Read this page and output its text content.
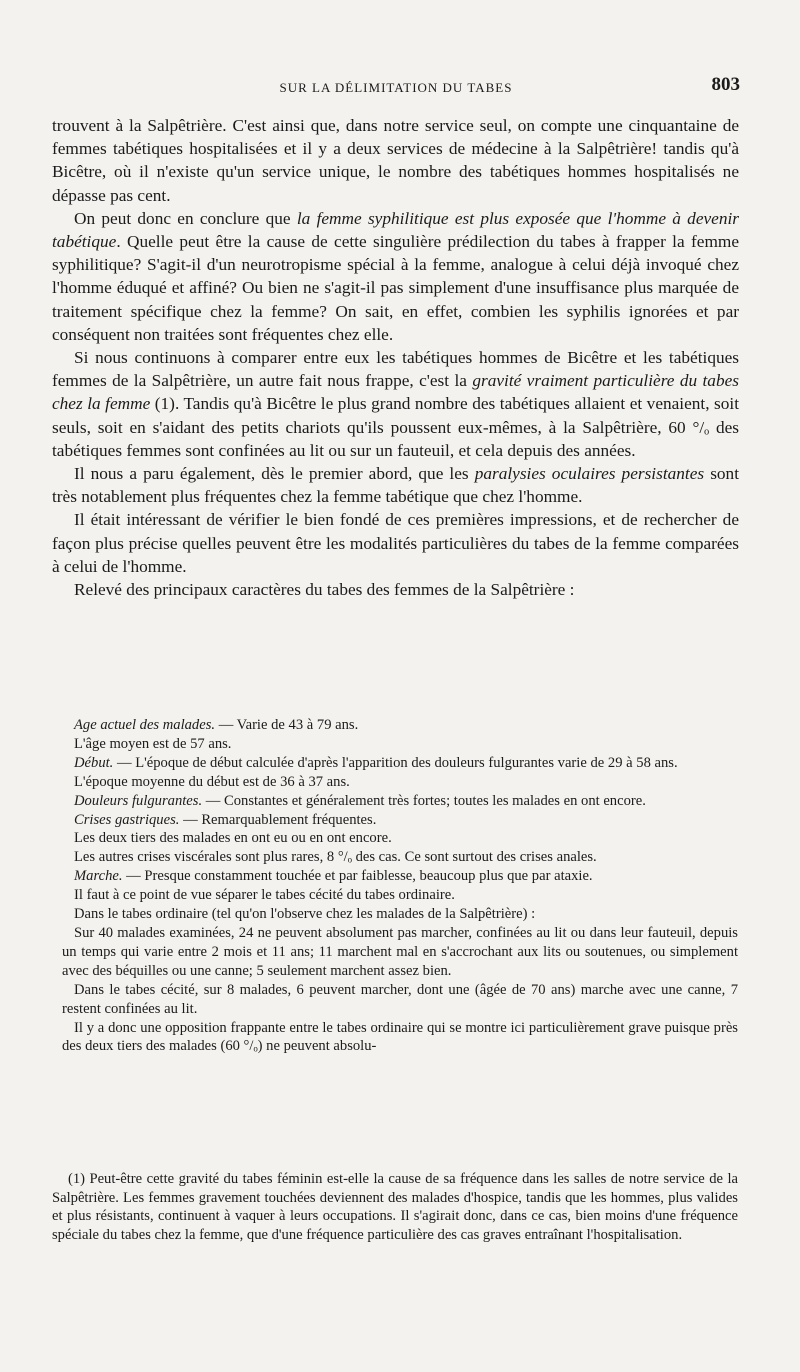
SUR LA DÉLIMITATION DU TABES	803

trouvent à la Salpêtrière. C'est ainsi que, dans notre service seul, on compte une cinquantaine de femmes tabétiques hospitalisées et il y a deux services de médecine à la Salpêtrière! tandis qu'à Bicêtre, où il n'existe qu'un service unique, le nombre des tabétiques hommes hospitalisés ne dépasse pas cent.

On peut donc en conclure que la femme syphilitique est plus exposée que l'homme à devenir tabétique. Quelle peut être la cause de cette singulière prédilection du tabes à frapper la femme syphilitique? S'agit-il d'un neurotropisme spécial à la femme, analogue à celui déjà invoqué chez l'homme éduqué et affiné? Ou bien ne s'agit-il pas simplement d'une insuffisance plus marquée de traitement spécifique chez la femme? On sait, en effet, combien les syphilis ignorées et par conséquent non traitées sont fréquentes chez elle.

Si nous continuons à comparer entre eux les tabétiques hommes de Bicêtre et les tabétiques femmes de la Salpêtrière, un autre fait nous frappe, c'est la gravité vraiment particulière du tabes chez la femme (1). Tandis qu'à Bicêtre le plus grand nombre des tabétiques allaient et venaient, soit seuls, soit en s'aidant des petits chariots qu'ils poussent eux-mêmes, à la Salpêtrière, 60 °/ₒ des tabétiques femmes sont confinées au lit ou sur un fauteuil, et cela depuis des années.

Il nous a paru également, dès le premier abord, que les paralysies oculaires persistantes sont très notablement plus fréquentes chez la femme tabétique que chez l'homme.

Il était intéressant de vérifier le bien fondé de ces premières impressions, et de rechercher de façon plus précise quelles peuvent être les modalités particulières du tabes de la femme comparées à celui de l'homme.

Relevé des principaux caractères du tabes des femmes de la Salpêtrière :

Age actuel des malades. — Varie de 43 à 79 ans.

L'âge moyen est de 57 ans.

Début. — L'époque de début calculée d'après l'apparition des douleurs fulgurantes varie de 29 à 58 ans.

L'époque moyenne du début est de 36 à 37 ans.

Douleurs fulgurantes. — Constantes et généralement très fortes; toutes les malades en ont encore.

Crises gastriques. — Remarquablement fréquentes.

Les deux tiers des malades en ont eu ou en ont encore.

Les autres crises viscérales sont plus rares, 8 °/ₒ des cas. Ce sont surtout des crises anales.

Marche. — Presque constamment touchée et par faiblesse, beaucoup plus que par ataxie.

Il faut à ce point de vue séparer le tabes cécité du tabes ordinaire.

Dans le tabes ordinaire (tel qu'on l'observe chez les malades de la Salpêtrière) :

Sur 40 malades examinées, 24 ne peuvent absolument pas marcher, confinées au lit ou dans leur fauteuil, depuis un temps qui varie entre 2 mois et 11 ans; 11 marchent mal en s'accrochant aux lits ou soutenues, ou simplement avec des béquilles ou une canne; 5 seulement marchent assez bien.

Dans le tabes cécité, sur 8 malades, 6 peuvent marcher, dont une (âgée de 70 ans) marche avec une canne, 7 restent confinées au lit.

Il y a donc une opposition frappante entre le tabes ordinaire qui se montre ici particulièrement grave puisque près des deux tiers des malades (60 °/ₒ) ne peuvent absolu-

(1) Peut-être cette gravité du tabes féminin est-elle la cause de sa fréquence dans les salles de notre service de la Salpêtrière. Les femmes gravement touchées deviennent des malades d'hospice, tandis que les hommes, plus valides et plus résistants, continuent à vaquer à leurs occupations. Il s'agirait donc, dans ce cas, bien moins d'une fréquence spéciale du tabes chez la femme, que d'une fréquence particulière des cas graves entraînant l'hospitalisation.
